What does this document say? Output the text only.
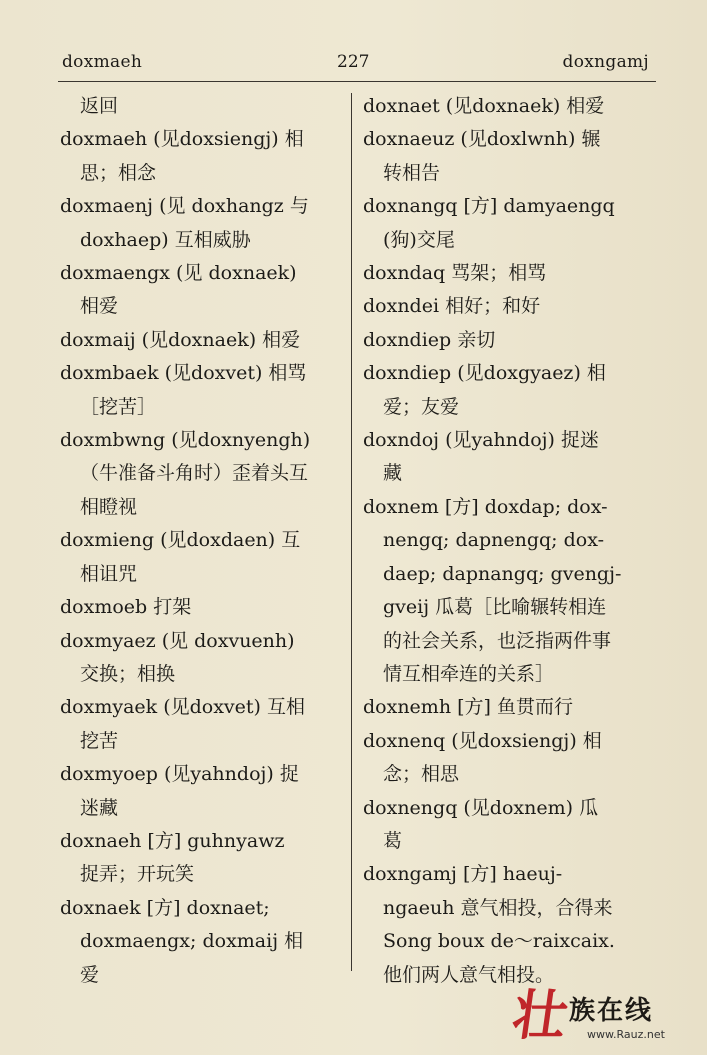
doxmaeh	227	doxngamj
返回
doxmaeh (见doxsiengj) 相
思；相念
doxmaenj (见 doxhangz 与
doxhaep) 互相威胁
doxmaengx (见 doxnaek)
相爱
doxmaij (见doxnaek) 相爱
doxmbaek (见doxvet) 相骂
［挖苦］
doxmbwng (见doxnyengh)
（牛准备斗角时）歪着头互
相瞪视
doxmieng (见doxdaen) 互
相诅咒
doxmoeb 打架
doxmyaez (见 doxvuenh)
交换；相换
doxmyaek (见doxvet) 互相
挖苦
doxmyoep (见yahndoj) 捉
迷藏
doxnaeh [方] guhnyawz
捉弄；开玩笑
doxnaek [方] doxnaet;
doxmaengx; doxmaij 相
爱
doxnaet (见doxnaek) 相爱
doxnaeuz (见doxlwnh) 辗
转相告
doxnangq [方] damyaengq
(狗)交尾
doxndaq 骂架；相骂
doxndei 相好；和好
doxndiep 亲切
doxndiep (见doxgyaez) 相
爱；友爱
doxndoj (见yahndoj) 捉迷
藏
doxnem [方] doxdap; dox-
nengq; dapnengq; dox-
daep; dapnangq; gvengj-
gveij 瓜葛［比喻辗转相连
的社会关系，也泛指两件事
情互相牵连的关系］
doxnemh [方] 鱼贯而行
doxnenq (见doxsiengj) 相
念；相思
doxnengq (见doxnem) 瓜
葛
doxngamj [方] haeuj-
ngaeuh 意气相投，合得来
Song boux de～raixcaix.
他们两人意气相投。
壮
族在线
www.Rauz.net
